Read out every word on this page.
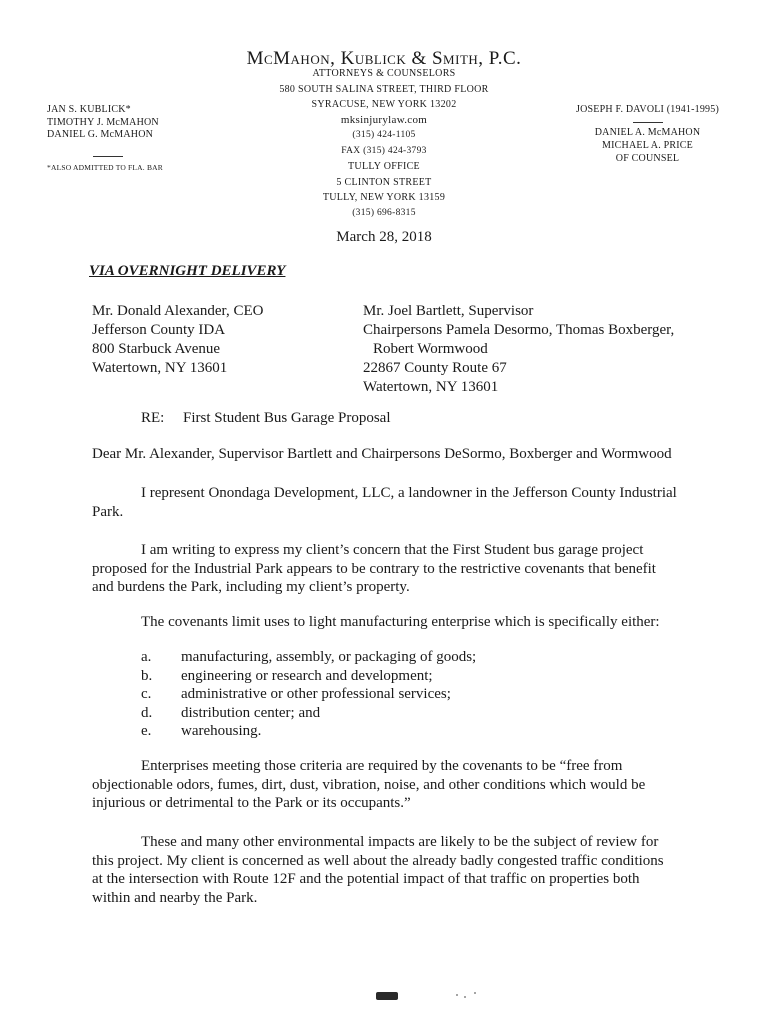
McMahon, Kublick & Smith, P.C.
ATTORNEYS & COUNSELORS
580 SOUTH SALINA STREET, THIRD FLOOR
SYRACUSE, NEW YORK 13202
mksinjurylaw.com
(315) 424-1105
FAX (315) 424-3793
TULLY OFFICE
5 CLINTON STREET
TULLY, NEW YORK 13159
(315) 696-8315
JAN S. KUBLICK*
TIMOTHY J. McMAHON
DANIEL G. McMAHON
*ALSO ADMITTED TO FLA. BAR
JOSEPH F. DAVOLI (1941-1995)
DANIEL A. McMAHON
MICHAEL A. PRICE
OF COUNSEL
March 28, 2018
VIA OVERNIGHT DELIVERY
Mr. Donald Alexander, CEO
Jefferson County IDA
800 Starbuck Avenue
Watertown, NY 13601
Mr. Joel Bartlett, Supervisor
Chairpersons Pamela Desormo, Thomas Boxberger,
Robert Wormwood
22867 County Route 67
Watertown, NY 13601
RE: First Student Bus Garage Proposal
Dear Mr. Alexander, Supervisor Bartlett and Chairpersons DeSormo, Boxberger and Wormwood
I represent Onondaga Development, LLC, a landowner in the Jefferson County Industrial
Park.
I am writing to express my client’s concern that the First Student bus garage project
proposed for the Industrial Park appears to be contrary to the restrictive covenants that benefit
and burdens the Park, including my client’s property.
The covenants limit uses to light manufacturing enterprise which is specifically either:
a.	manufacturing, assembly, or packaging of goods;
b.	engineering or research and development;
c.	administrative or other professional services;
d.	distribution center; and
e.	warehousing.
Enterprises meeting those criteria are required by the covenants to be “free from
objectionable odors, fumes, dirt, dust, vibration, noise, and other conditions which would be
injurious or detrimental to the Park or its occupants.”
These and many other environmental impacts are likely to be the subject of review for
this project. My client is concerned as well about the already badly congested traffic conditions
at the intersection with Route 12F and the potential impact of that traffic on properties both
within and nearby the Park.
